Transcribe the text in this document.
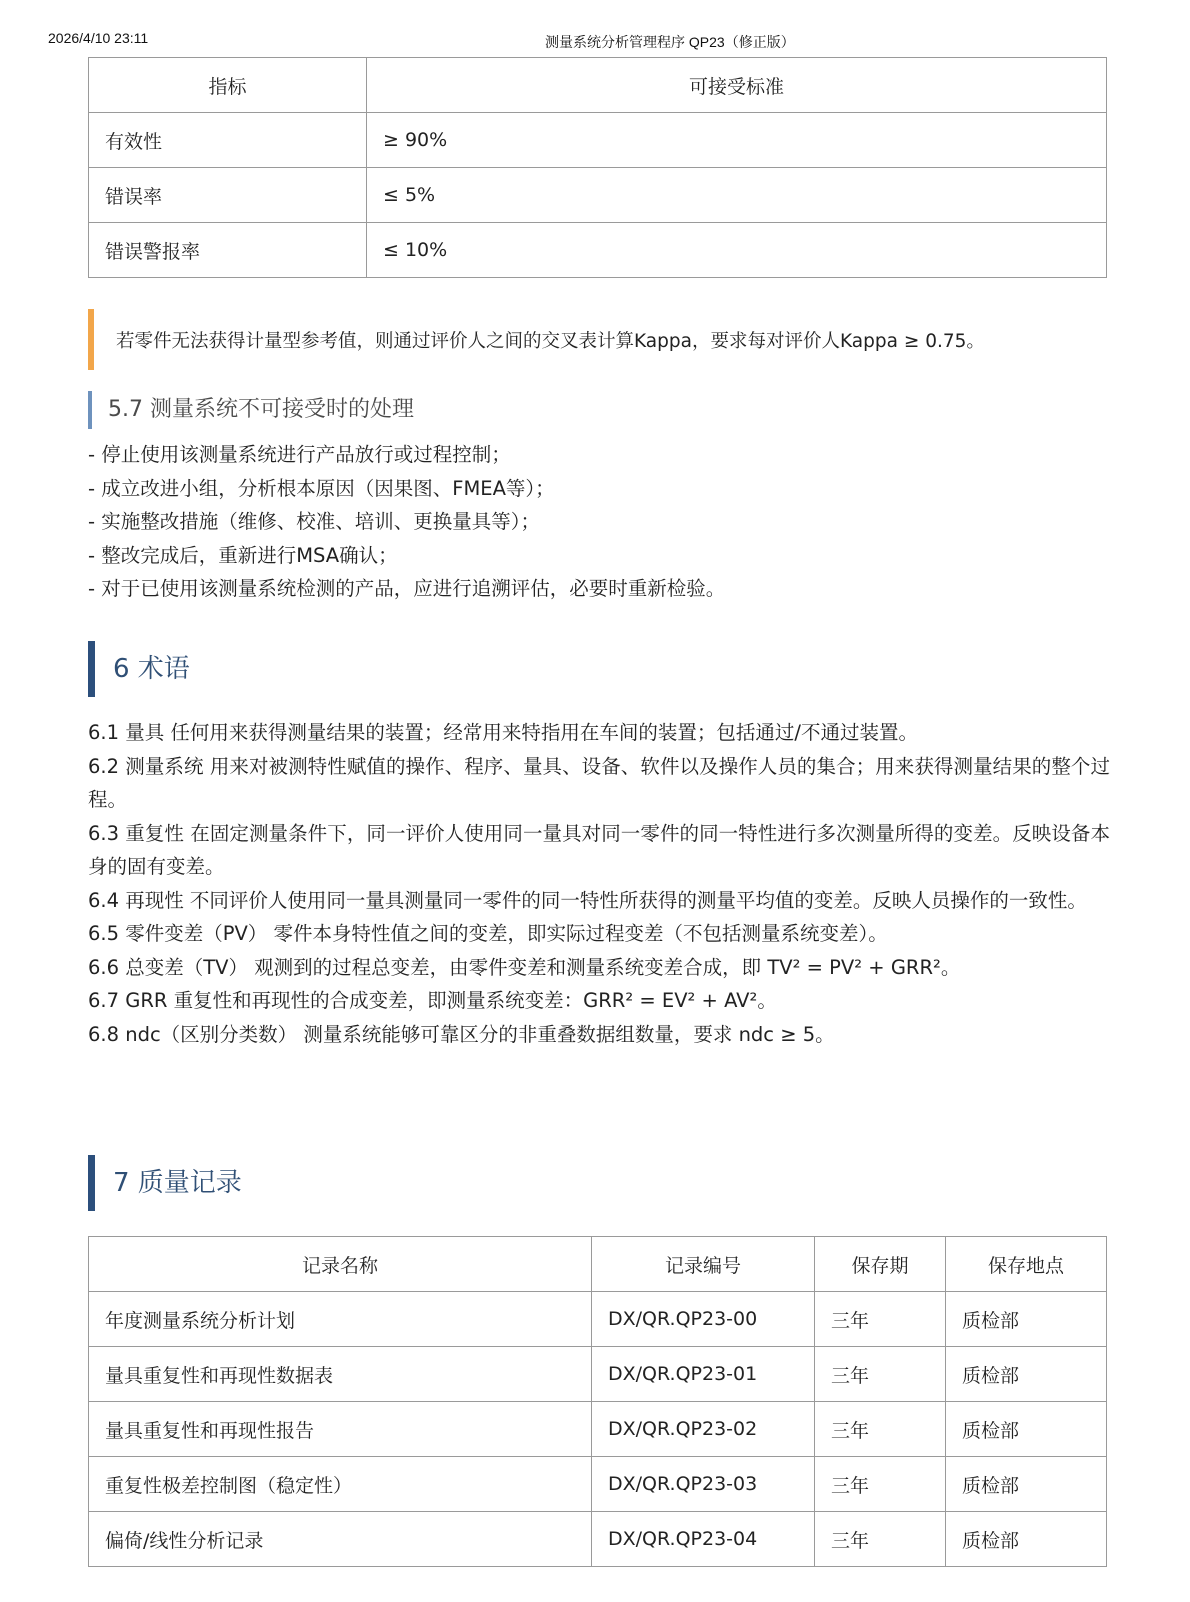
2026/4/10 23:11	测量系统分析管理程序 QP23（修正版）
指标	可接受标准
有效性	≥ 90%
错误率	≤ 5%
错误警报率	≤ 10%
若零件无法获得计量型参考值，则通过评价人之间的交叉表计算Kappa，要求每对评价人Kappa ≥ 0.75。
5.7 测量系统不可接受时的处理
- 停止使用该测量系统进行产品放行或过程控制；
- 成立改进小组，分析根本原因（因果图、FMEA等）；
- 实施整改措施（维修、校准、培训、更换量具等）；
- 整改完成后，重新进行MSA确认；
- 对于已使用该测量系统检测的产品，应进行追溯评估，必要时重新检验。
6 术语

6.1 量具 任何用来获得测量结果的装置；经常用来特指用在车间的装置；包括通过/不通过装置。

6.2 测量系统 用来对被测特性赋值的操作、程序、量具、设备、软件以及操作人员的集合；用来获得测量结果的整个过程。

6.3 重复性 在固定测量条件下，同一评价人使用同一量具对同一零件的同一特性进行多次测量所得的变差。反映设备本身的固有变差。

6.4 再现性 不同评价人使用同一量具测量同一零件的同一特性所获得的测量平均值的变差。反映人员操作的一致性。

6.5 零件变差（PV） 零件本身特性值之间的变差，即实际过程变差（不包括测量系统变差）。

6.6 总变差（TV） 观测到的过程总变差，由零件变差和测量系统变差合成，即 TV² = PV² + GRR²。

6.7 GRR 重复性和再现性的合成变差，即测量系统变差：GRR² = EV² + AV²。

6.8 ndc（区别分类数） 测量系统能够可靠区分的非重叠数据组数量，要求 ndc ≥ 5。

7 质量记录
记录名称	记录编号	保存期	保存地点
年度测量系统分析计划	DX/QR.QP23-00	三年	质检部
量具重复性和再现性数据表	DX/QR.QP23-01	三年	质检部
量具重复性和再现性报告	DX/QR.QP23-02	三年	质检部
重复性极差控制图（稳定性）	DX/QR.QP23-03	三年	质检部
偏倚/线性分析记录	DX/QR.QP23-04	三年	质检部
